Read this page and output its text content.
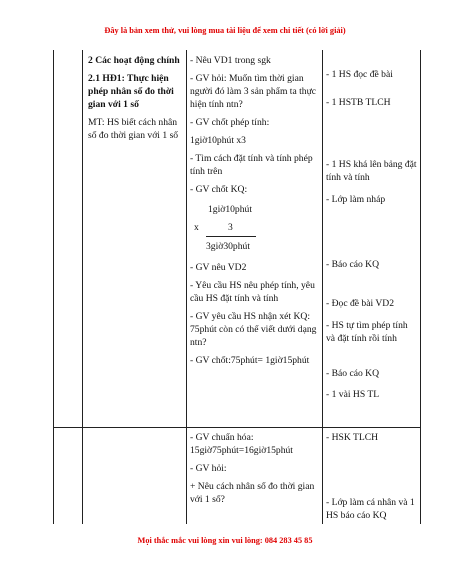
Đây là bản xem thử, vui lòng mua tài liệu để xem chi tiết (có lời giải)

2 Các hoạt động chính

2.1 HĐ1: Thực hiện phép nhân số đo thời gian với 1 số

MT: HS biết cách nhân số đo thời gian với 1 số

- Nêu VD1 trong sgk

- GV hỏi: Muốn tìm thời gian người đó làm 3 sản phẩm ta thực hiện tính ntn?

- GV chốt phép tính:

1giờ10phút x3

- Tìm cách đặt tính và tính phép tính trên

- GV chốt KQ:

1giờ10phút
x	3
3giờ30phút

- GV nêu VD2

- Yêu cầu HS nêu phép tính, yêu cầu HS đặt tính và tính

- GV yêu cầu HS nhận xét KQ: 75phút còn có thể viết dưới dạng ntn?

- GV chốt:75phút= 1giờ15phút

- 1 HS đọc đề bài

- 1 HSTB TLCH

- 1 HS khá lên bảng đặt tính và tính

- Lớp làm nháp

- Báo cáo KQ

- Đọc đề bài VD2

- HS tự tìm phép tính và đặt tính rồi tính

- Báo cáo KQ

- 1 vài HS TL

- GV chuẩn hóa: 15giờ75phút=16giờ15phút

- GV hỏi:

+ Nêu cách nhân số đo thời gian với 1 số?

- HSK TLCH

- Lớp làm cá nhân và 1 HS báo cáo KQ

Mọi thắc mắc vui lòng xin vui lòng: 084 283 45 85
